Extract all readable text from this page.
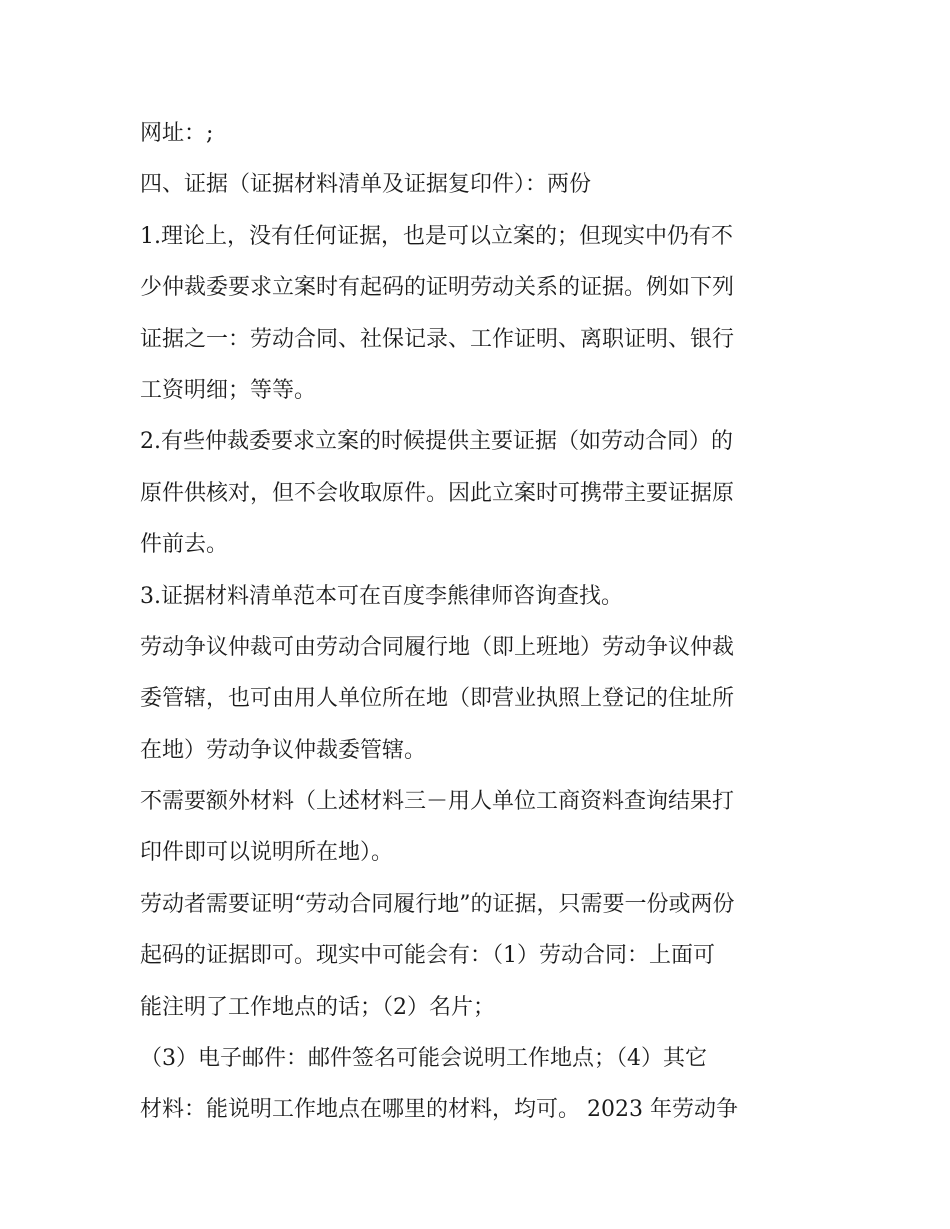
网址：;
四、证据（证据材料清单及证据复印件）：两份
1.理论上，没有任何证据，也是可以立案的；但现实中仍有不
少仲裁委要求立案时有起码的证明劳动关系的证据。例如下列
证据之一：劳动合同、社保记录、工作证明、离职证明、银行
工资明细；等等。
2.有些仲裁委要求立案的时候提供主要证据（如劳动合同）的
原件供核对，但不会收取原件。因此立案时可携带主要证据原
件前去。
3.证据材料清单范本可在百度李熊律师咨询查找。
劳动争议仲裁可由劳动合同履行地（即上班地）劳动争议仲裁
委管辖，也可由用人单位所在地（即营业执照上登记的住址所
在地）劳动争议仲裁委管辖。
不需要额外材料（上述材料三－用人单位工商资料查询结果打
印件即可以说明所在地）。
劳动者需要证明“劳动合同履行地”的证据，只需要一份或两份
起码的证据即可。现实中可能会有：（1）劳动合同：上面可
能注明了工作地点的话；（2）名片；
（3）电子邮件：邮件签名可能会说明工作地点；（4）其它
材料：能说明工作地点在哪里的材料，均可。 2023 年劳动争
